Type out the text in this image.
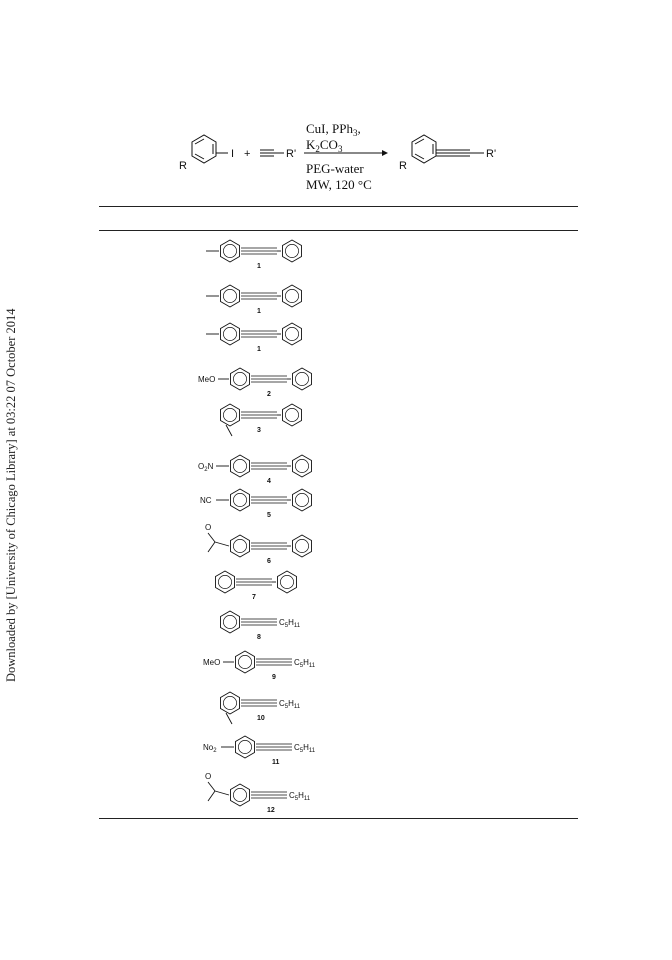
Downloaded by [University of Chicago Library] at 03:22 07 October 2014
R
I +	R'
CuI, PPh$_3$,
$K_2CO_3$
PEG-water
MW, 120 °C
R
R'
1
1
1
MeO
2
3
$O_2N$
4
NC
5
O
6
7
$C_5H_{11}$
8
MeO	$C_5H_{11}$
9
$C_5H_{11}$
10
$No_2$	$C_5H_{11}$
11
O
$C_5H_{11}$
12
